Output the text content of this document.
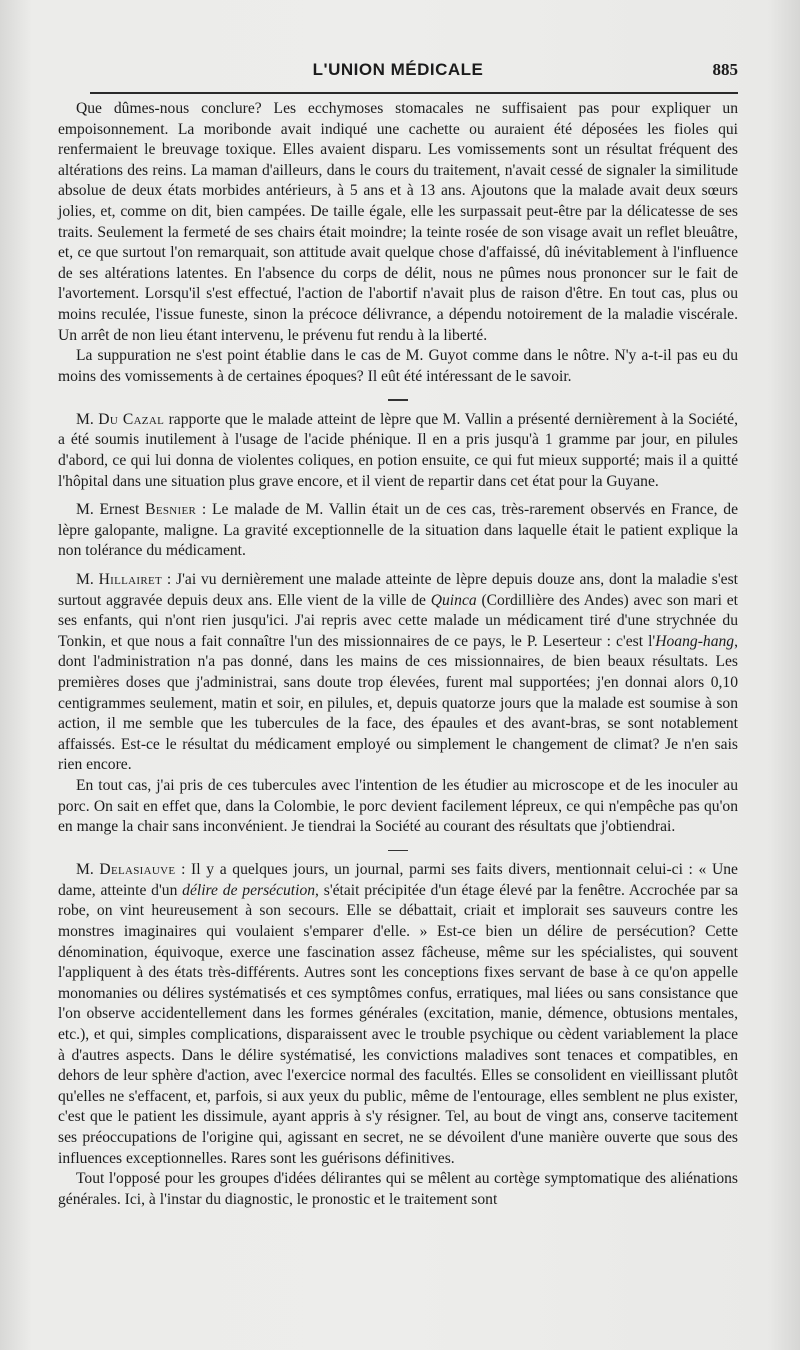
L'UNION MÉDICALE	885

Que dûmes-nous conclure? Les ecchymoses stomacales ne suffisaient pas pour expliquer un empoisonnement. La moribonde avait indiqué une cachette ou auraient été déposées les fioles qui renfermaient le breuvage toxique. Elles avaient disparu. Les vomissements sont un résultat fréquent des altérations des reins. La maman d'ailleurs, dans le cours du traitement, n'avait cessé de signaler la similitude absolue de deux états morbides antérieurs, à 5 ans et à 13 ans. Ajoutons que la malade avait deux sœurs jolies, et, comme on dit, bien campées. De taille égale, elle les surpassait peut-être par la délicatesse de ses traits. Seulement la fermeté de ses chairs était moindre; la teinte rosée de son visage avait un reflet bleuâtre, et, ce que surtout l'on remarquait, son attitude avait quelque chose d'affaissé, dû inévitablement à l'influence de ses altérations latentes. En l'absence du corps de délit, nous ne pûmes nous prononcer sur le fait de l'avortement. Lorsqu'il s'est effectué, l'action de l'abortif n'avait plus de raison d'être. En tout cas, plus ou moins reculée, l'issue funeste, sinon la précoce délivrance, a dépendu notoirement de la maladie viscérale. Un arrêt de non lieu étant intervenu, le prévenu fut rendu à la liberté.

La suppuration ne s'est point établie dans le cas de M. Guyot comme dans le nôtre. N'y a-t-il pas eu du moins des vomissements à de certaines époques? Il eût été intéressant de le savoir.

M. Du Cazal rapporte que le malade atteint de lèpre que M. Vallin a présenté dernièrement à la Société, a été soumis inutilement à l'usage de l'acide phénique. Il en a pris jusqu'à 1 gramme par jour, en pilules d'abord, ce qui lui donna de violentes coliques, en potion ensuite, ce qui fut mieux supporté; mais il a quitté l'hôpital dans une situation plus grave encore, et il vient de repartir dans cet état pour la Guyane.

M. Ernest Besnier : Le malade de M. Vallin était un de ces cas, très-rarement observés en France, de lèpre galopante, maligne. La gravité exceptionnelle de la situation dans laquelle était le patient explique la non tolérance du médicament.

M. Hillairet : J'ai vu dernièrement une malade atteinte de lèpre depuis douze ans, dont la maladie s'est surtout aggravée depuis deux ans. Elle vient de la ville de Quinca (Cordillière des Andes) avec son mari et ses enfants, qui n'ont rien jusqu'ici. J'ai repris avec cette malade un médicament tiré d'une strychnée du Tonkin, et que nous a fait connaître l'un des missionnaires de ce pays, le P. Leserteur : c'est l'Hoang-hang, dont l'administration n'a pas donné, dans les mains de ces missionnaires, de bien beaux résultats. Les premières doses que j'administrai, sans doute trop élevées, furent mal supportées; j'en donnai alors 0,10 centigrammes seulement, matin et soir, en pilules, et, depuis quatorze jours que la malade est soumise à son action, il me semble que les tubercules de la face, des épaules et des avant-bras, se sont notablement affaissés. Est-ce le résultat du médicament employé ou simplement le changement de climat? Je n'en sais rien encore.

En tout cas, j'ai pris de ces tubercules avec l'intention de les étudier au microscope et de les inoculer au porc. On sait en effet que, dans la Colombie, le porc devient facilement lépreux, ce qui n'empêche pas qu'on en mange la chair sans inconvénient. Je tiendrai la Société au courant des résultats que j'obtiendrai.

M. Delasiauve : Il y a quelques jours, un journal, parmi ses faits divers, mentionnait celui-ci : « Une dame, atteinte d'un délire de persécution, s'était précipitée d'un étage élevé par la fenêtre. Accrochée par sa robe, on vint heureusement à son secours. Elle se débattait, criait et implorait ses sauveurs contre les monstres imaginaires qui voulaient s'emparer d'elle. » Est-ce bien un délire de persécution? Cette dénomination, équivoque, exerce une fascination assez fâcheuse, même sur les spécialistes, qui souvent l'appliquent à des états très-différents. Autres sont les conceptions fixes servant de base à ce qu'on appelle monomanies ou délires systématisés et ces symptômes confus, erratiques, mal liées ou sans consistance que l'on observe accidentellement dans les formes générales (excitation, manie, démence, obtusions mentales, etc.), et qui, simples complications, disparaissent avec le trouble psychique ou cèdent variablement la place à d'autres aspects. Dans le délire systématisé, les convictions maladives sont tenaces et compatibles, en dehors de leur sphère d'action, avec l'exercice normal des facultés. Elles se consolident en vieillissant plutôt qu'elles ne s'effacent, et, parfois, si aux yeux du public, même de l'entourage, elles semblent ne plus exister, c'est que le patient les dissimule, ayant appris à s'y résigner. Tel, au bout de vingt ans, conserve tacitement ses préoccupations de l'origine qui, agissant en secret, ne se dévoilent d'une manière ouverte que sous des influences exceptionnelles. Rares sont les guérisons définitives.

Tout l'opposé pour les groupes d'idées délirantes qui se mêlent au cortège symptomatique des aliénations générales. Ici, à l'instar du diagnostic, le pronostic et le traitement sont
